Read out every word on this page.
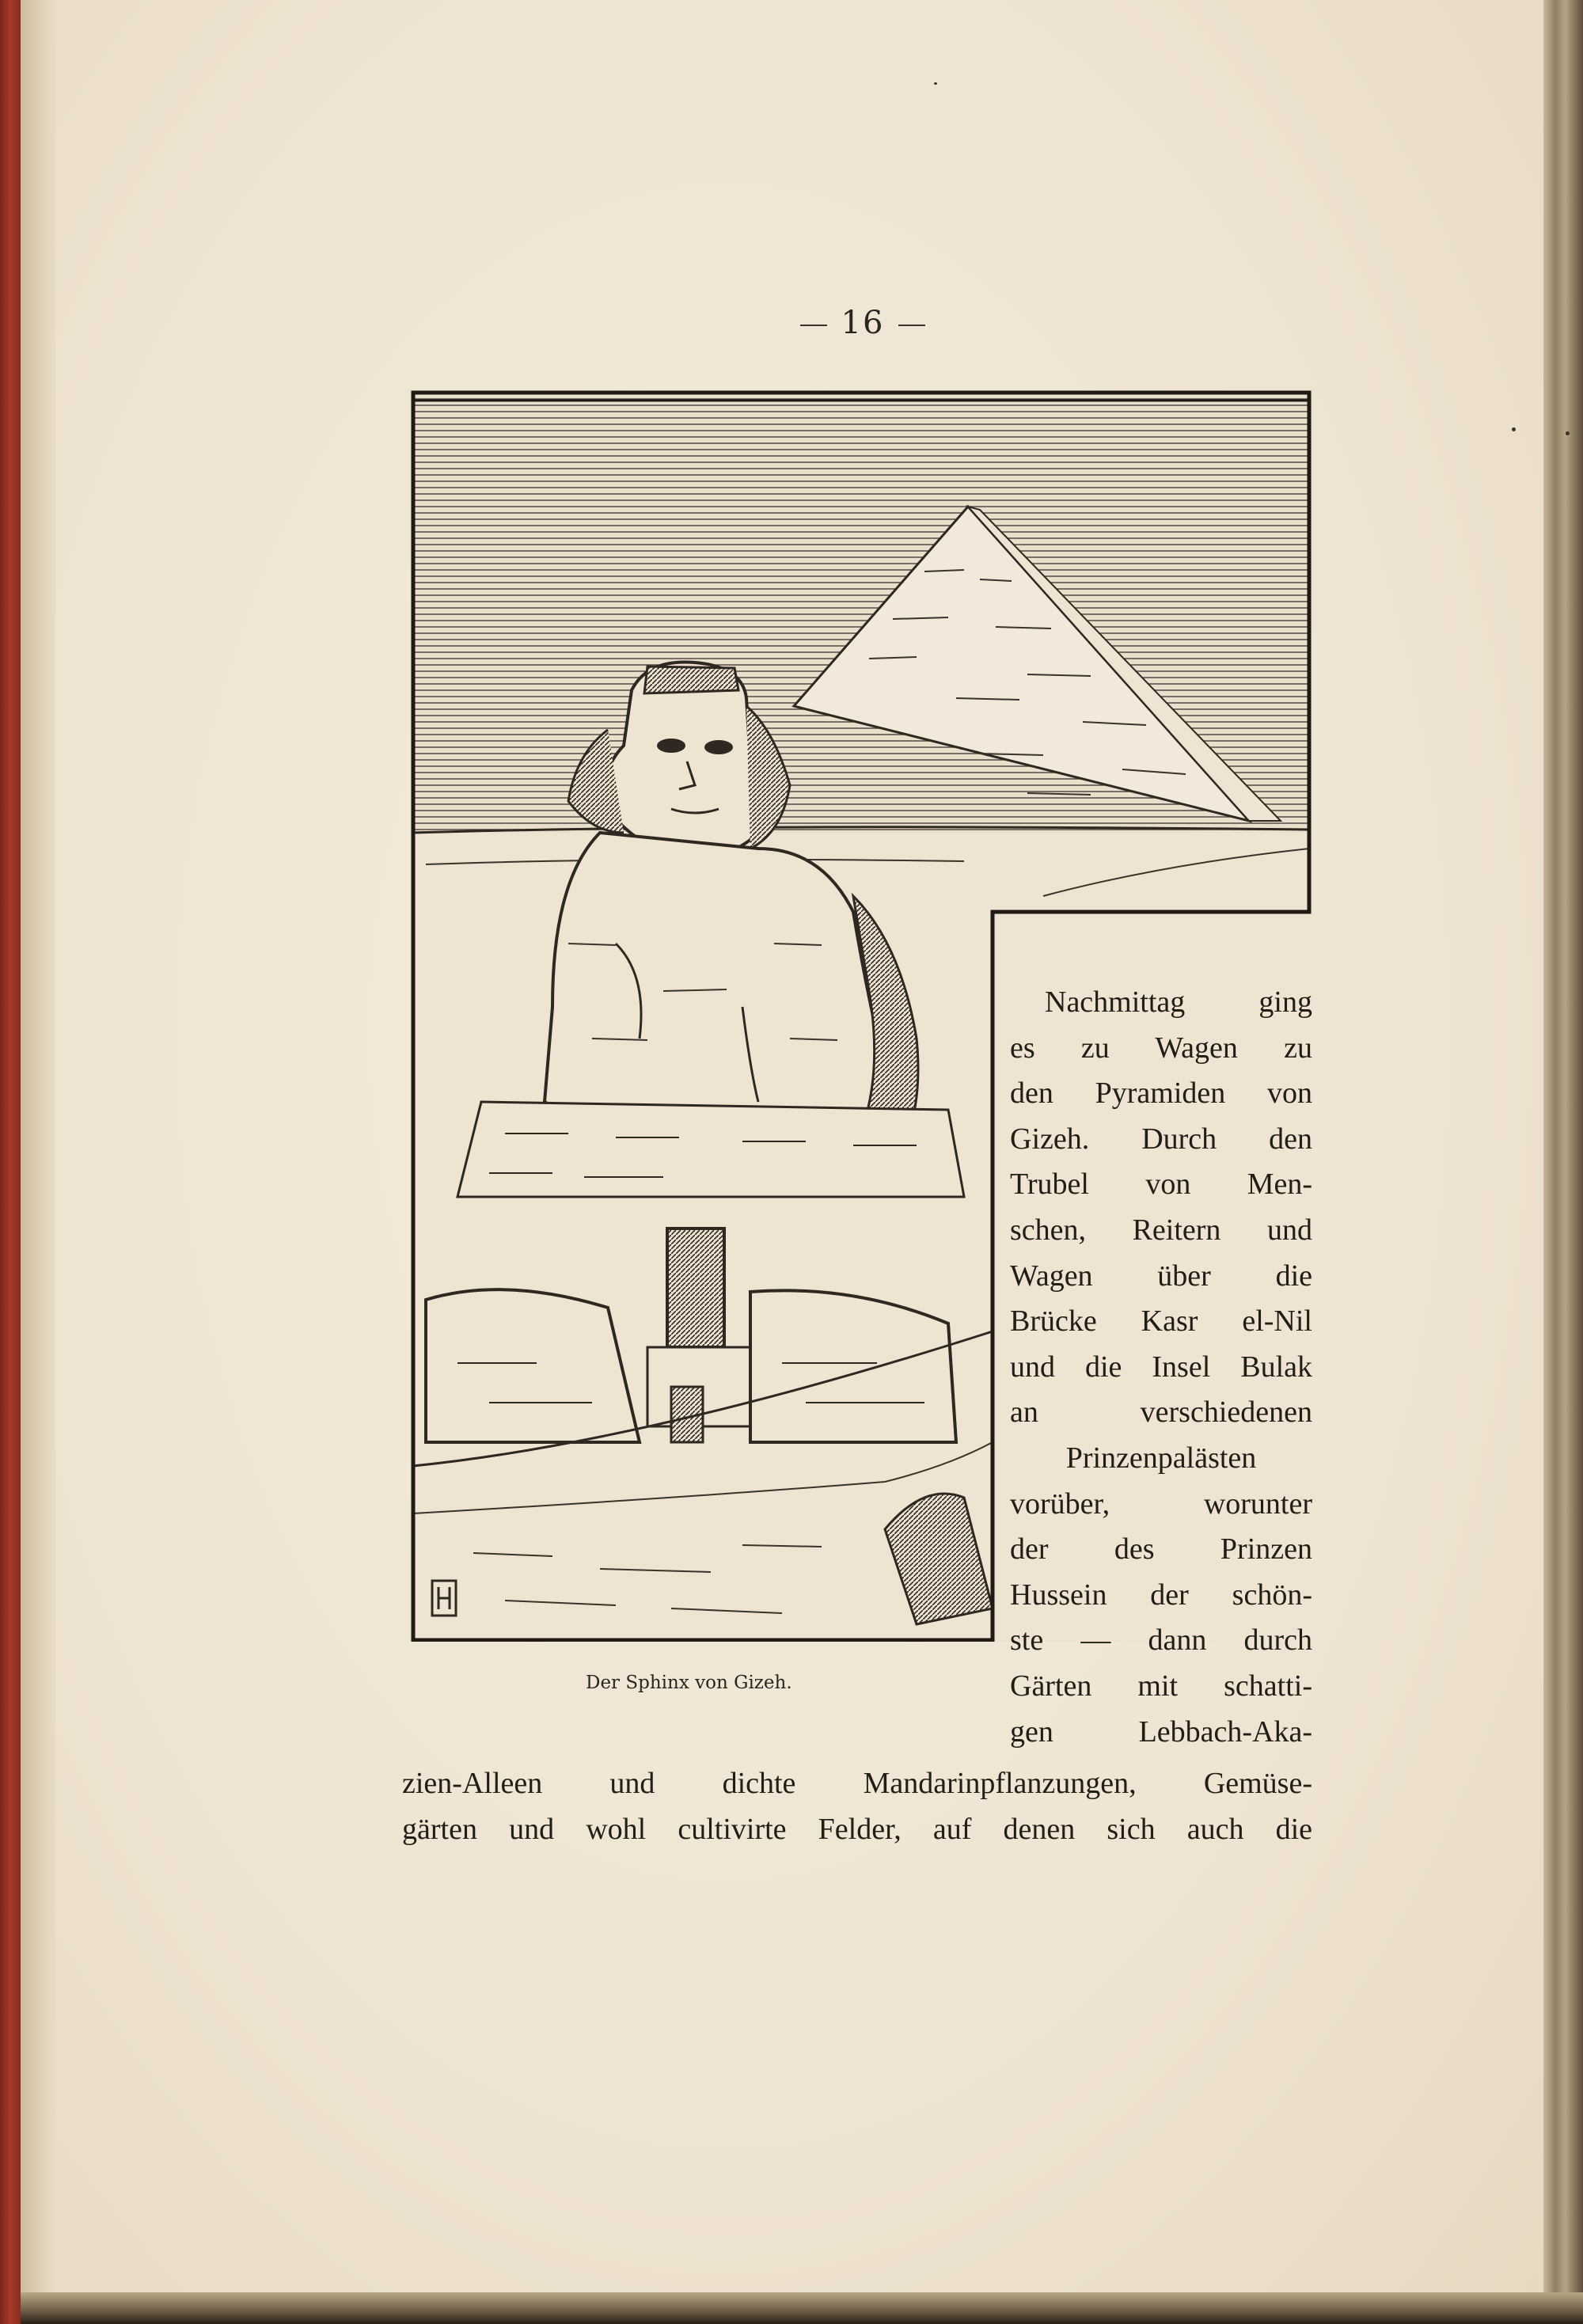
16
Der Sphinx von Gizeh.
Nachmittag ging
es zu Wagen zu
den Pyramiden von
Gizeh. Durch den
Trubel von Men-
schen, Reitern und
Wagen über die
Brücke Kasr el-Nil
und die Insel Bulak
an verschiedenen
Prinzenpalästen
vorüber, worunter
der des Prinzen
Hussein der schön-
ste — dann durch
Gärten mit schatti-
gen Lebbach-Aka-
zien-Alleen und dichte Mandarinpflanzungen, Gemüse-
gärten und wohl cultivirte Felder, auf denen sich auch die
